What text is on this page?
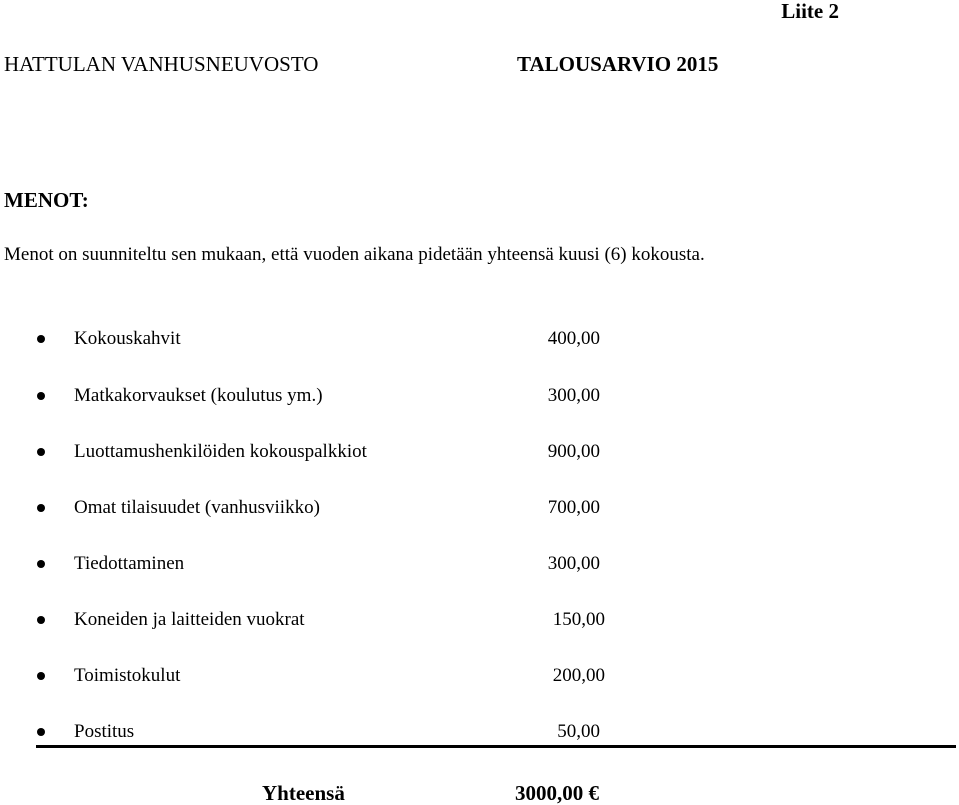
Liite 2
HATTULAN VANHUSNEUVOSTO	TALOUSARVIO 2015
MENOT:
Menot on suunniteltu sen mukaan, että vuoden aikana pidetään yhteensä kuusi (6) kokousta.
Kokouskahvit	400,00
Matkakorvaukset (koulutus ym.)	300,00
Luottamushenkilöiden kokouspalkkiot	900,00
Omat tilaisuudet (vanhusviikko)	700,00
Tiedottaminen	300,00
Koneiden ja laitteiden vuokrat	150,00
Toimistokulut	200,00
Postitus	50,00
Yhteensä	3000,00 €
